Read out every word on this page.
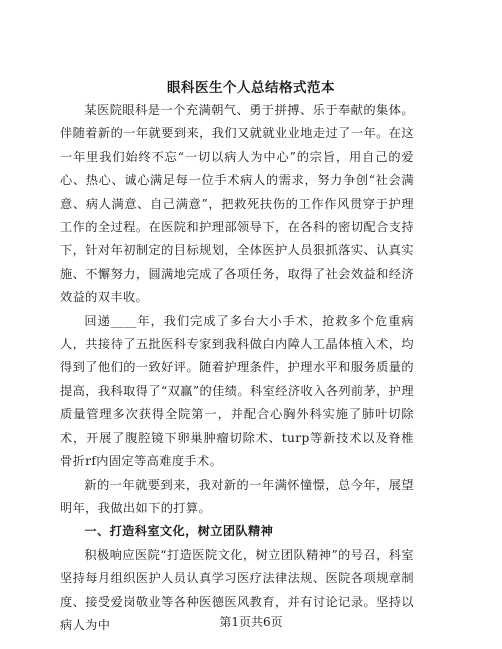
眼科医生个人总结格式范本

某医院眼科是一个充满朝气、勇于拼搏、乐于奉献的集体。伴随着新的一年就要到来，我们又就就业业地走过了一年。在这一年里我们始终不忘“一切以病人为中心”的宗旨，用自己的爱心、热心、诚心满足每一位手术病人的需求，努力争创“社会满意、病人满意、自己满意”，把救死扶伤的工作作风贯穿于护理工作的全过程。在医院和护理部领导下，在各科的密切配合支持下，针对年初制定的目标规划，全体医护人员狠抓落实、认真实施、不懈努力，圆满地完成了各项任务，取得了社会效益和经济效益的双丰收。

回递____年，我们完成了多台大小手术，抢救多个危重病人，共接待了五批医科专家到我科做白内障人工晶体植入术，均得到了他们的一致好评。随着护理条件，护理水平和服务质量的提高，我科取得了“双赢”的佳绩。科室经济收入各列前茅，护理质量管理多次获得全院第一，并配合心胸外科实施了肺叶切除术，开展了腹腔镜下卵巢肿瘤切除术、turp等新技术以及脊椎骨折rf内固定等高难度手术。

新的一年就要到来，我对新的一年满怀憧憬，总今年，展望明年，我做出如下的打算。

一、打造科室文化，树立团队精神

积极响应医院“打造医院文化，树立团队精神”的号召，科室坚持每月组织医护人员认真学习医疗法律法规、医院各项规章制度、接受爱岗敬业等各种医德医风教育，并有讨论记录。坚持以病人为中	第1页共6页
